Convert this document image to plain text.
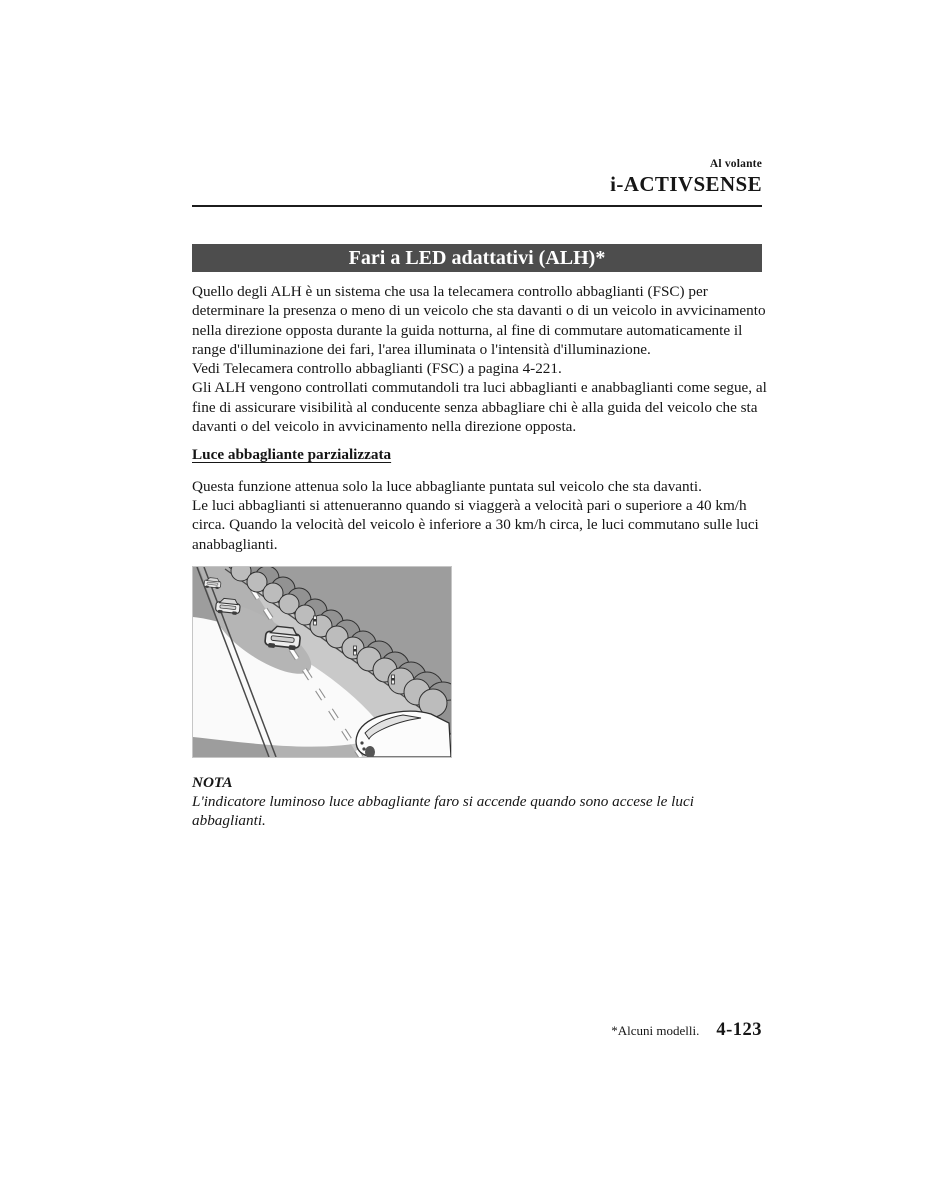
Al volante
i-ACTIVSENSE
Fari a LED adattativi (ALH)*

Quello degli ALH è un sistema che usa la telecamera controllo abbaglianti (FSC) per determinare la presenza o meno di un veicolo che sta davanti o di un veicolo in avvicinamento nella direzione opposta durante la guida notturna, al fine di commutare automaticamente il range d'illuminazione dei fari, l'area illuminata o l'intensità d'illuminazione.

Vedi Telecamera controllo abbaglianti (FSC) a pagina 4-221.

Gli ALH vengono controllati commutandoli tra luci abbaglianti e anabbaglianti come segue, al fine di assicurare visibilità al conducente senza abbagliare chi è alla guida del veicolo che sta davanti o del veicolo in avvicinamento nella direzione opposta.

Luce abbagliante parzializzata

Questa funzione attenua solo la luce abbagliante puntata sul veicolo che sta davanti.

Le luci abbaglianti si attenueranno quando si viaggerà a velocità pari o superiore a 40 km/h circa. Quando la velocità del veicolo è inferiore a 30 km/h circa, le luci commutano sulle luci anabbaglianti.

NOTA

L'indicatore luminoso luce abbagliante faro si accende quando sono accese le luci abbaglianti.

*Alcuni modelli. 4-123
